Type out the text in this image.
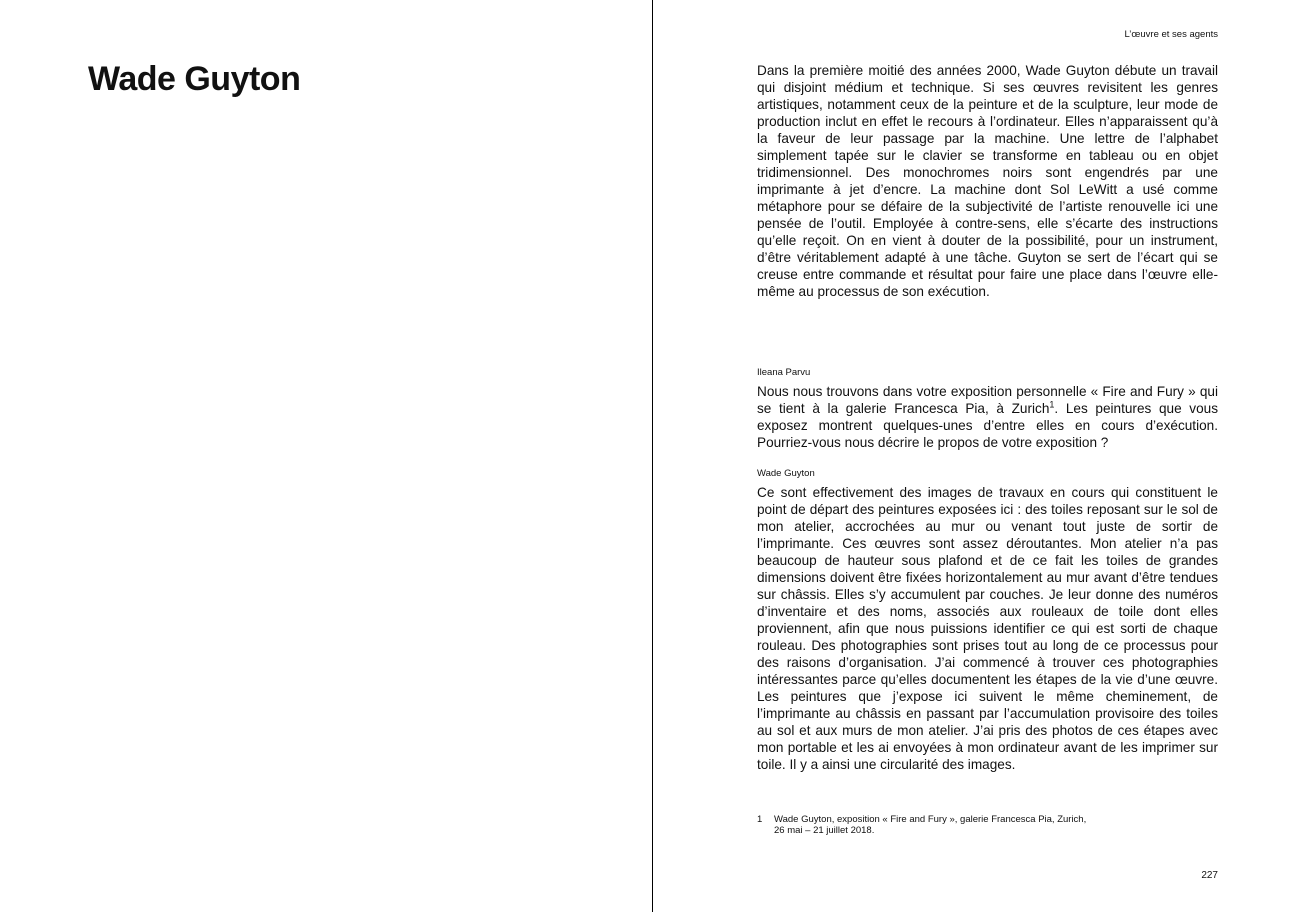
Wade Guyton
L’œuvre et ses agents

Dans la première moitié des années 2000, Wade Guyton débute un travail qui disjoint médium et technique. Si ses œuvres revisitent les genres artistiques, notamment ceux de la peinture et de la sculpture, leur mode de production inclut en effet le recours à l’ordinateur. Elles n’apparaissent qu’à la faveur de leur passage par la machine. Une lettre de l’alphabet simplement tapée sur le clavier se transforme en tableau ou en objet tridimensionnel. Des monochromes noirs sont engendrés par une imprimante à jet d’encre. La machine dont Sol LeWitt a usé comme métaphore pour se défaire de la subjectivité de l’artiste renouvelle ici une pensée de l’outil. Employée à contre-sens, elle s’écarte des instructions qu’elle reçoit. On en vient à douter de la possibilité, pour un instrument, d’être véritablement adapté à une tâche. Guyton se sert de l’écart qui se creuse entre commande et résultat pour faire une place dans l’œuvre elle-même au processus de son exécution.

Ileana Parvu

Nous nous trouvons dans votre exposition personnelle « Fire and Fury » qui se tient à la galerie Francesca Pia, à Zurich$^1$. Les peintures que vous exposez montrent quelques-unes d’entre elles en cours d’exécution. Pourriez-vous nous décrire le propos de votre exposition ?

Wade Guyton

Ce sont effectivement des images de travaux en cours qui constituent le point de départ des peintures exposées ici : des toiles reposant sur le sol de mon atelier, accrochées au mur ou venant tout juste de sortir de l’imprimante. Ces œuvres sont assez déroutantes. Mon atelier n’a pas beaucoup de hauteur sous plafond et de ce fait les toiles de grandes dimensions doivent être fixées horizontalement au mur avant d’être tendues sur châssis. Elles s’y accumulent par couches. Je leur donne des numéros d’inventaire et des noms, associés aux rouleaux de toile dont elles proviennent, afin que nous puissions identifier ce qui est sorti de chaque rouleau. Des photographies sont prises tout au long de ce processus pour des raisons d’organisation. J’ai commencé à trouver ces photographies intéressantes parce qu’elles documentent les étapes de la vie d’une œuvre. Les peintures que j’expose ici suivent le même cheminement, de l’imprimante au châssis en passant par l’accumulation provisoire des toiles au sol et aux murs de mon atelier. J’ai pris des photos de ces étapes avec mon portable et les ai envoyées à mon ordinateur avant de les imprimer sur toile. Il y a ainsi une circularité des images.

1 Wade Guyton, exposition « Fire and Fury », galerie Francesca Pia, Zurich,
26 mai – 21 juillet 2018.
227
